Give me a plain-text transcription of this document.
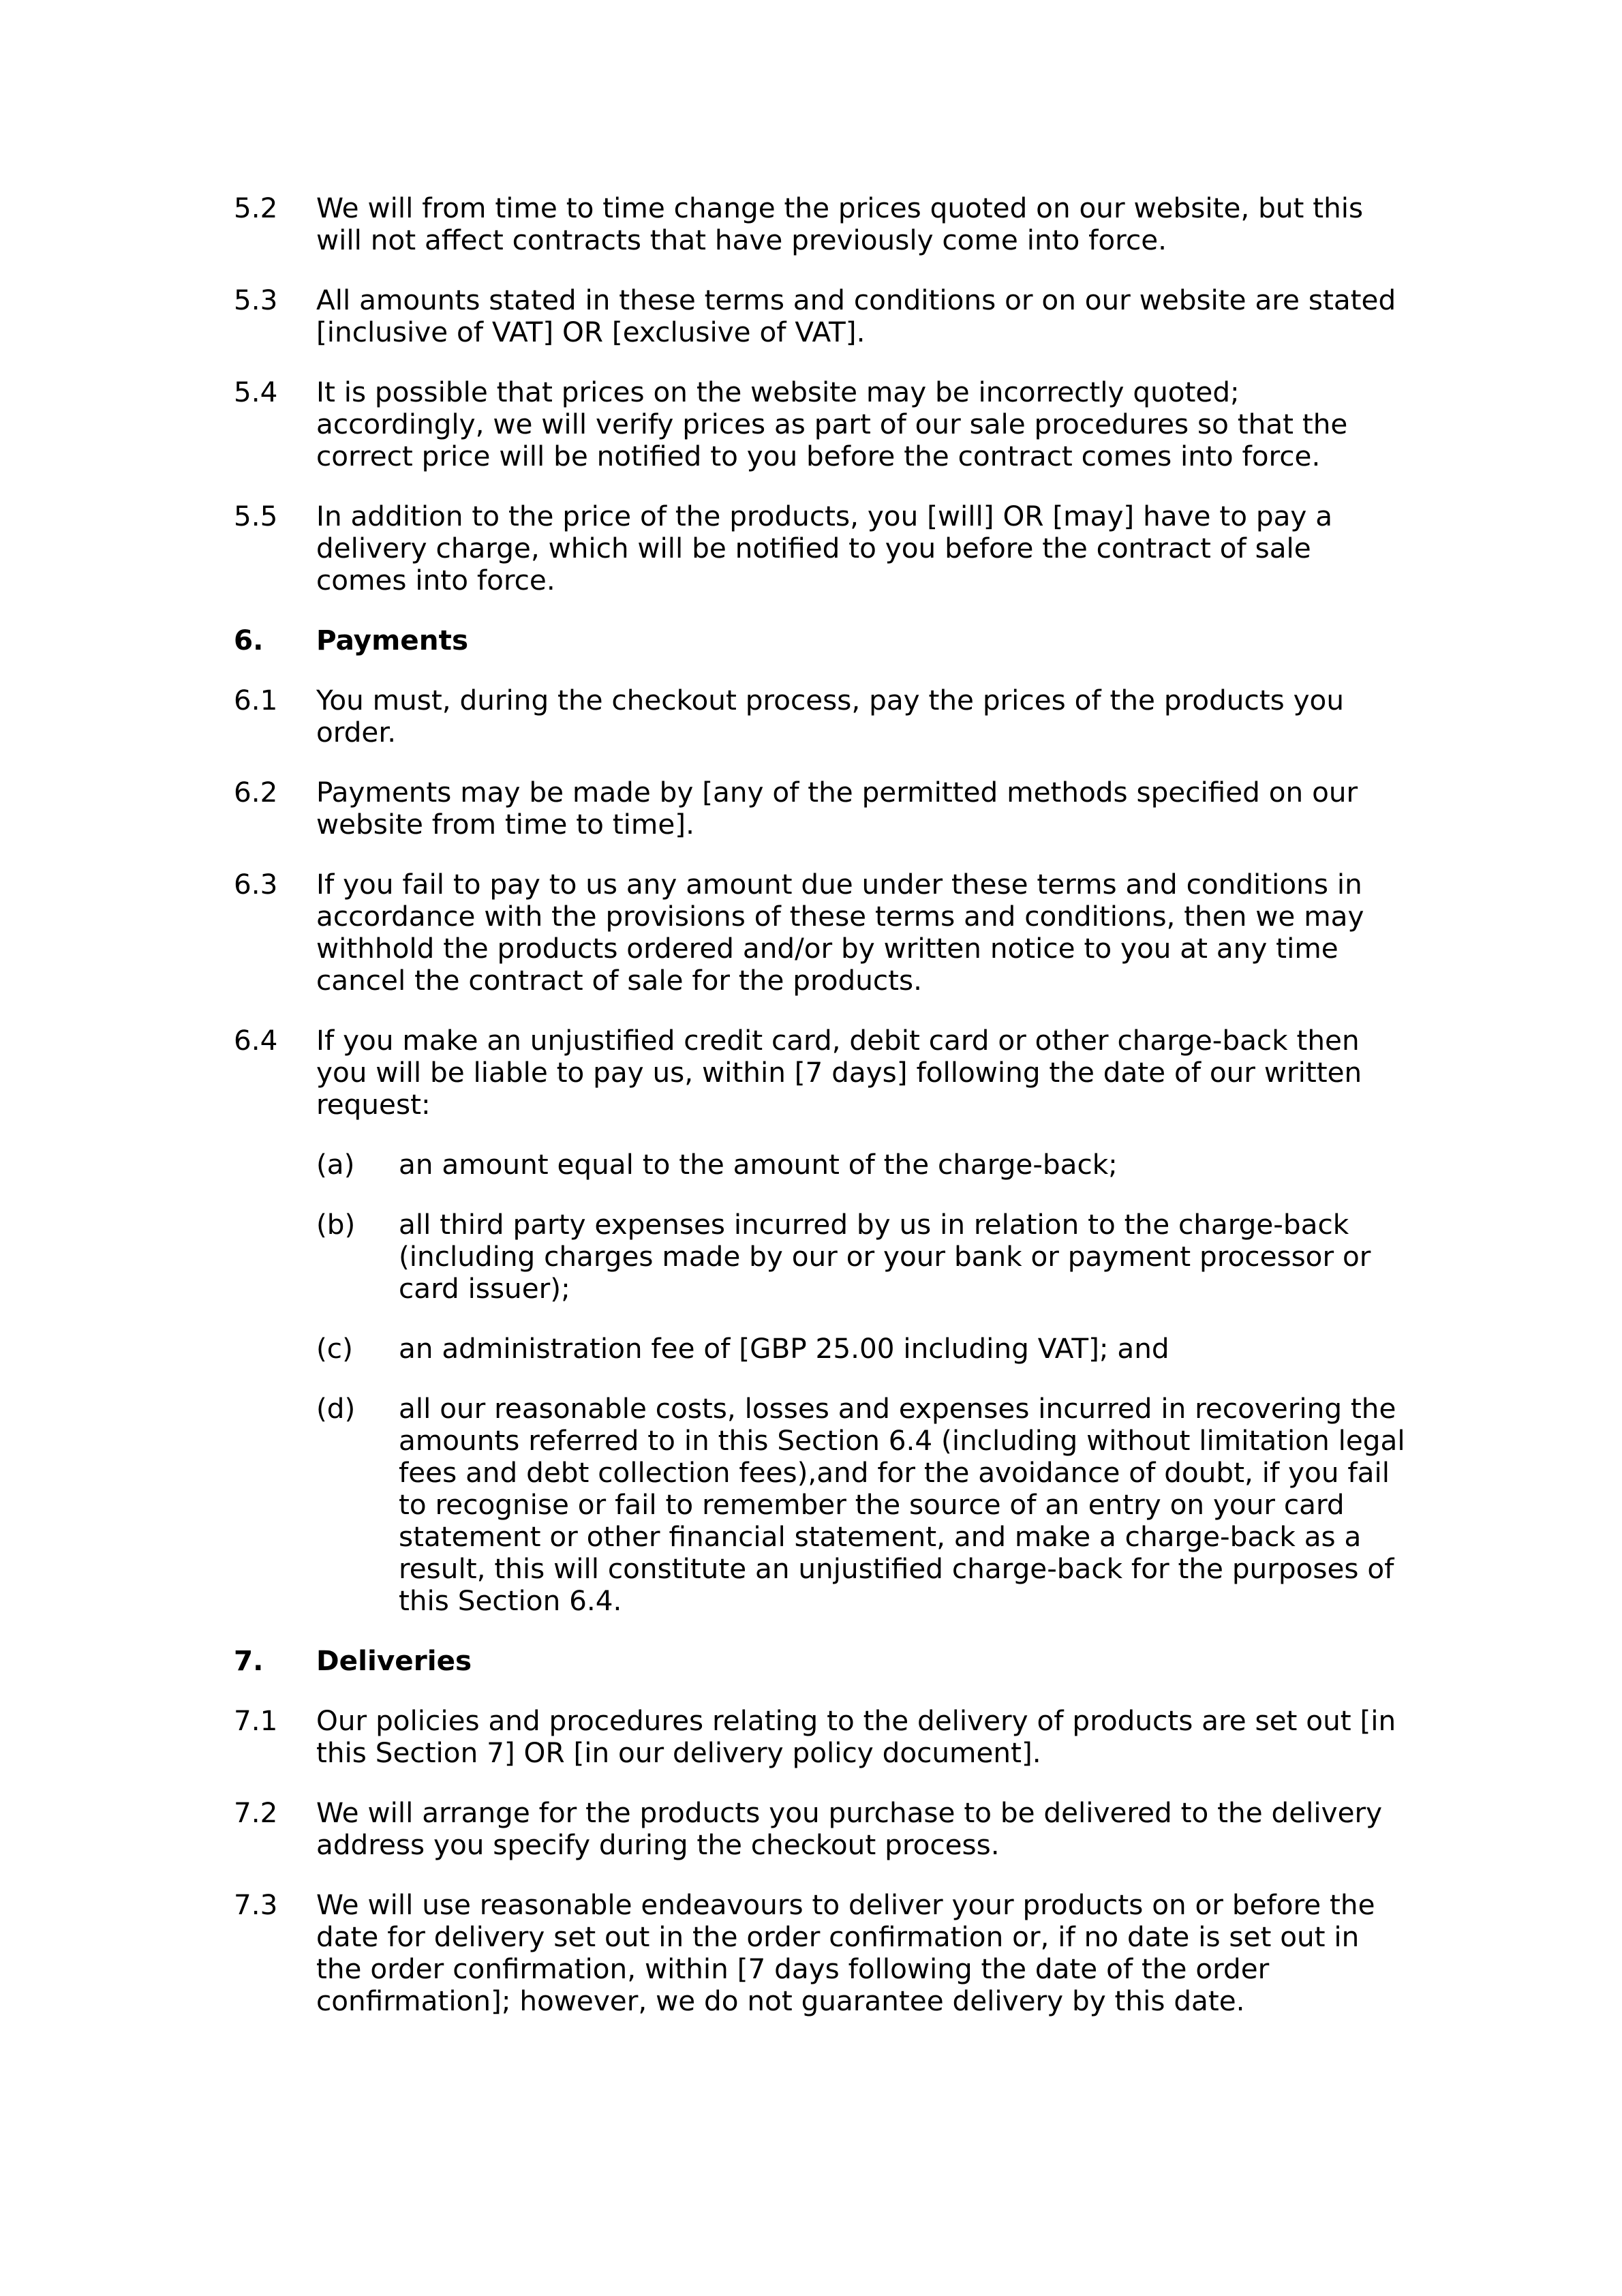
5.2 We will from time to time change the prices quoted on our website, but this will not affect contracts that have previously come into force.
5.3 All amounts stated in these terms and conditions or on our website are stated [inclusive of VAT] OR [exclusive of VAT].
5.4 It is possible that prices on the website may be incorrectly quoted; accordingly, we will verify prices as part of our sale procedures so that the correct price will be notified to you before the contract comes into force.
5.5 In addition to the price of the products, you [will] OR [may] have to pay a delivery charge, which will be notified to you before the contract of sale comes into force.
6. Payments
6.1 You must, during the checkout process, pay the prices of the products you order.
6.2 Payments may be made by [any of the permitted methods specified on our website from time to time].
6.3 If you fail to pay to us any amount due under these terms and conditions in accordance with the provisions of these terms and conditions, then we may withhold the products ordered and/or by written notice to you at any time cancel the contract of sale for the products.
6.4 If you make an unjustified credit card, debit card or other charge-back then you will be liable to pay us, within [7 days] following the date of our written request:
(a) an amount equal to the amount of the charge-back;
(b) all third party expenses incurred by us in relation to the charge-back (including charges made by our or your bank or payment processor or card issuer);
(c) an administration fee of [GBP 25.00 including VAT]; and
(d) all our reasonable costs, losses and expenses incurred in recovering the amounts referred to in this Section 6.4 (including without limitation legal fees and debt collection fees),and for the avoidance of doubt, if you fail to recognise or fail to remember the source of an entry on your card statement or other financial statement, and make a charge-back as a result, this will constitute an unjustified charge-back for the purposes of this Section 6.4.
7. Deliveries
7.1 Our policies and procedures relating to the delivery of products are set out [in this Section 7] OR [in our delivery policy document].
7.2 We will arrange for the products you purchase to be delivered to the delivery address you specify during the checkout process.
7.3 We will use reasonable endeavours to deliver your products on or before the date for delivery set out in the order confirmation or, if no date is set out in the order confirmation, within [7 days following the date of the order confirmation]; however, we do not guarantee delivery by this date.
